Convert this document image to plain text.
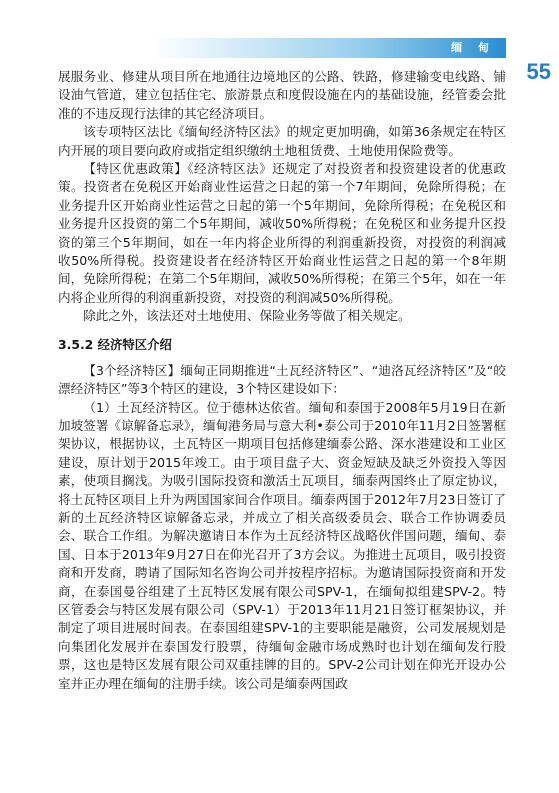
缅 甸
55

展服务业、修建从项目所在地通往边境地区的公路、铁路，修建输变电线路、铺设油气管道，建立包括住宅、旅游景点和度假设施在内的基础设施，经管委会批准的不违反现行法律的其它经济项目。

该专项特区法比《缅甸经济特区法》的规定更加明确，如第36条规定在特区内开展的项目要向政府或指定组织缴纳土地租赁费、土地使用保险费等。

【特区优惠政策】《经济特区法》还规定了对投资者和投资建设者的优惠政策。投资者在免税区开始商业性运营之日起的第一个7年期间，免除所得税；在业务提升区开始商业性运营之日起的第一个5年期间，免除所得税；在免税区和业务提升区投资的第二个5年期间，减收50%所得税；在免税区和业务提升区投资的第三个5年期间，如在一年内将企业所得的利润重新投资，对投资的利润减收50%所得税。投资建设者在经济特区开始商业性运营之日起的第一个8年期间，免除所得税；在第二个5年期间，减收50%所得税；在第三个5年，如在一年内将企业所得的利润重新投资，对投资的利润减50%所得税。

除此之外，该法还对土地使用、保险业务等做了相关规定。

3.5.2 经济特区介绍

【3个经济特区】缅甸正同期推进“土瓦经济特区”、“迪洛瓦经济特区”及“皎漂经济特区”等3个特区的建设，3个特区建设如下：

（1）土瓦经济特区。位于德林达依省。缅甸和泰国于2008年5月19日在新加坡签署《谅解备忘录》，缅甸港务局与意大利•泰公司于2010年11月2日签署框架协议，根据协议，土瓦特区一期项目包括修建缅泰公路、深水港建设和工业区建设，原计划于2015年竣工。由于项目盘子大、资金短缺及缺乏外资投入等因素，使项目搁浅。为吸引国际投资和激活土瓦项目，缅泰两国终止了原定协议，将土瓦特区项目上升为两国国家间合作项目。缅泰两国于2012年7月23日签订了新的土瓦经济特区谅解备忘录，并成立了相关高级委员会、联合工作协调委员会、联合工作组。为解决邀请日本作为土瓦经济特区战略伙伴国问题，缅甸、泰国、日本于2013年9月27日在仰光召开了3方会议。为推进土瓦项目，吸引投资商和开发商，聘请了国际知名咨询公司并按程序招标。为邀请国际投资商和开发商，在泰国曼谷组建了土瓦特区发展有限公司SPV-1，在缅甸拟组建SPV-2。特区管委会与特区发展有限公司（SPV-1）于2013年11月21日签订框架协议，并制定了项目进展时间表。在泰国组建SPV-1的主要职能是融资，公司发展规划是向集团化发展并在泰国发行股票，待缅甸金融市场成熟时也计划在缅甸发行股票，这也是特区发展有限公司双重挂牌的目的。SPV-2公司计划在仰光开设办公室并正办理在缅甸的注册手续。该公司是缅泰两国政
